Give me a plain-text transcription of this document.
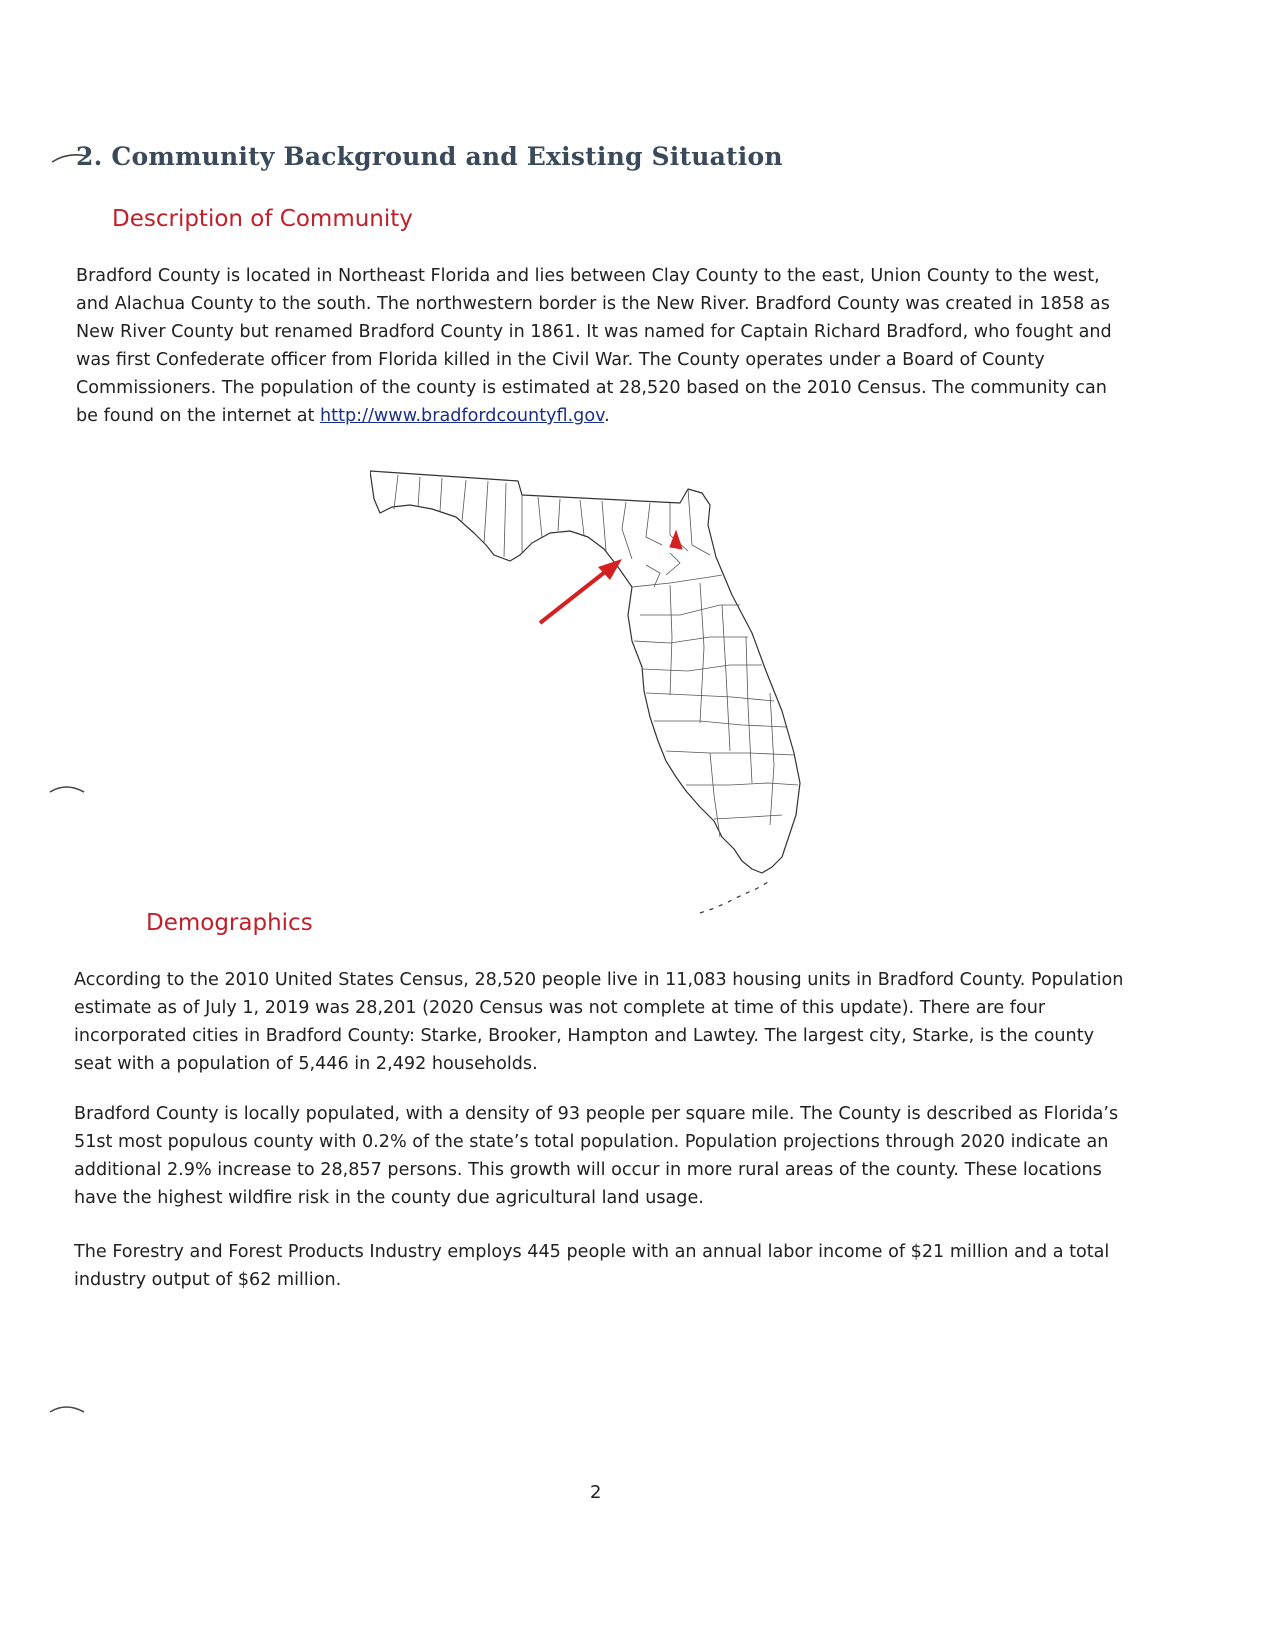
2. Community Background and Existing Situation
Description of Community

Bradford County is located in Northeast Florida and lies between Clay County to the east, Union County to the west, and Alachua County to the south. The northwestern border is the New River. Bradford County was created in 1858 as New River County but renamed Bradford County in 1861. It was named for Captain Richard Bradford, who fought and was first Confederate officer from Florida killed in the Civil War. The County operates under a Board of County Commissioners. The population of the county is estimated at 28,520 based on the 2010 Census. The community can be found on the internet at http://www.bradfordcountyfl.gov.

Demographics

According to the 2010 United States Census, 28,520 people live in 11,083 housing units in Bradford County. Population estimate as of July 1, 2019 was 28,201 (2020 Census was not complete at time of this update). There are four incorporated cities in Bradford County: Starke, Brooker, Hampton and Lawtey. The largest city, Starke, is the county seat with a population of 5,446 in 2,492 households.

Bradford County is locally populated, with a density of 93 people per square mile. The County is described as Florida’s 51st most populous county with 0.2% of the state’s total population. Population projections through 2020 indicate an additional 2.9% increase to 28,857 persons. This growth will occur in more rural areas of the county. These locations have the highest wildfire risk in the county due agricultural land usage.

The Forestry and Forest Products Industry employs 445 people with an annual labor income of $21 million and a total industry output of $62 million.

2
